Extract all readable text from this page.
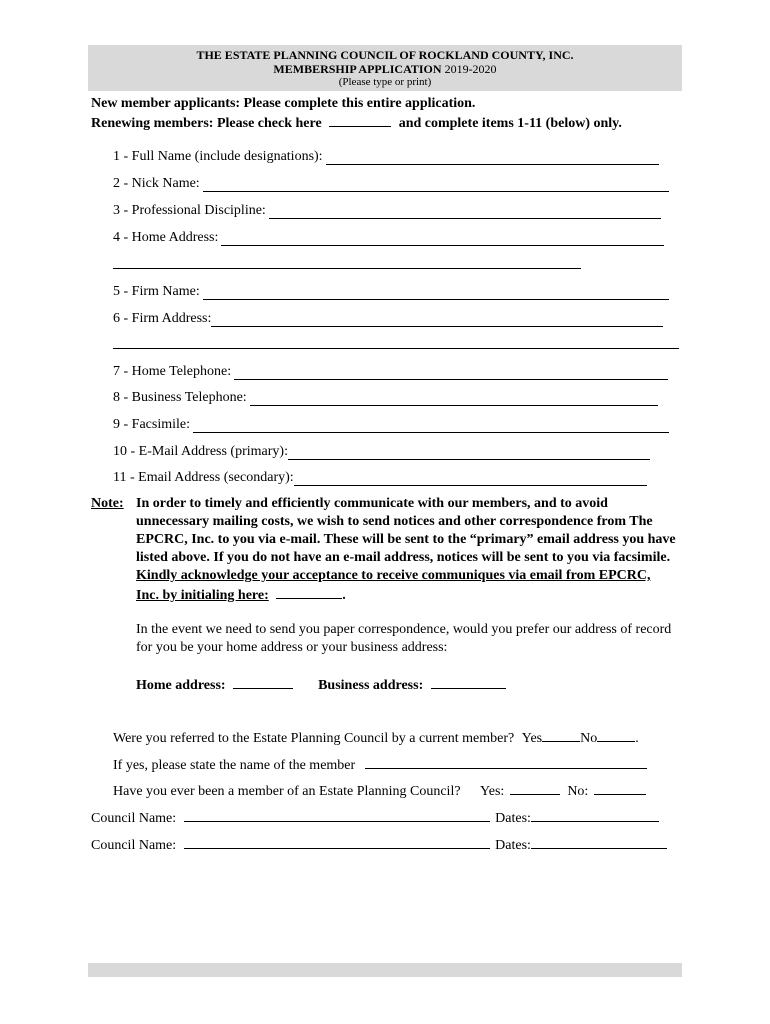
THE ESTATE PLANNING COUNCIL OF ROCKLAND COUNTY, INC.
MEMBERSHIP APPLICATION 2019-2020
(Please type or print)
New member applicants: Please complete this entire application.
Renewing members: Please check here	and complete items 1-11 (below) only.
1 - Full Name (include designations):
2 - Nick Name:
3 - Professional Discipline:
4 - Home Address:
5 - Firm Name:
6 - Firm Address:
7 - Home Telephone:
8 - Business Telephone:
9 - Facsimile:
10 - E-Mail Address (primary):
11 - Email Address (secondary):
Note: In order to timely and efficiently communicate with our members, and to avoid unnecessary mailing costs, we wish to send notices and other correspondence from The EPCRC, Inc. to you via e-mail. These will be sent to the “primary” email address you have listed above. If you do not have an e-mail address, notices will be sent to you via facsimile. Kindly acknowledge your acceptance to receive communiques via email from EPCRC, Inc. by initialing here:	.
In the event we need to send you paper correspondence, would you prefer our address of record for you be your home address or your business address:
Home address:	Business address:
Were you referred to the Estate Planning Council by a current member? Yes	No	.
If yes, please state the name of the member
Have you ever been a member of an Estate Planning Council? Yes:	No:
Council Name:	Dates:
Council Name:	Dates:
